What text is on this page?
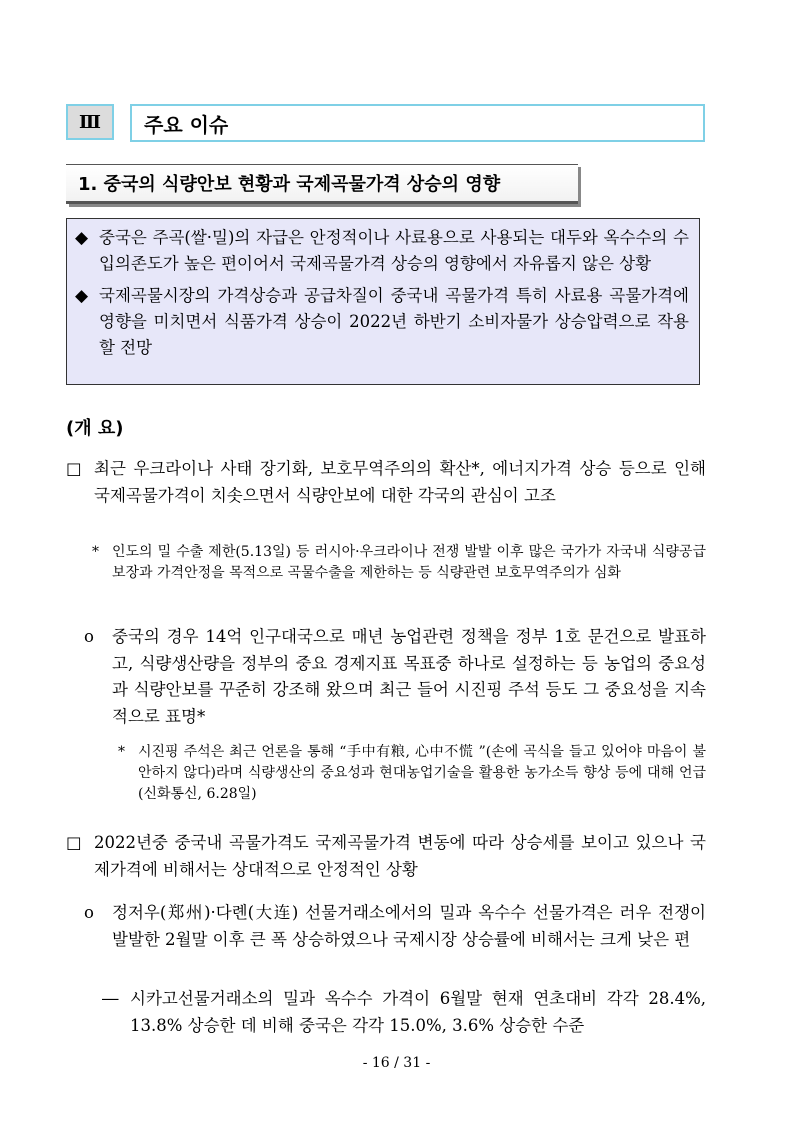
Ⅲ 주요 이슈
1. 중국의 식량안보 현황과 국제곡물가격 상승의 영향
◆ 중국은 주곡(쌀·밀)의 자급은 안정적이나 사료용으로 사용되는 대두와 옥수수의 수입의존도가 높은 편이어서 국제곡물가격 상승의 영향에서 자유롭지 않은 상황
◆ 국제곡물시장의 가격상승과 공급차질이 중국내 곡물가격 특히 사료용 곡물가격에 영향을 미치면서 식품가격 상승이 2022년 하반기 소비자물가 상승압력으로 작용할 전망
(개 요)
□ 최근 우크라이나 사태 장기화, 보호무역주의의 확산*, 에너지가격 상승 등으로 인해 국제곡물가격이 치솟으면서 식량안보에 대한 각국의 관심이 고조
* 인도의 밀 수출 제한(5.13일) 등 러시아·우크라이나 전쟁 발발 이후 많은 국가가 자국내 식량공급 보장과 가격안정을 목적으로 곡물수출을 제한하는 등 식량관련 보호무역주의가 심화
ο	중국의 경우 14억 인구대국으로 매년 농업관련 정책을 정부 1호 문건으로 발표하고, 식량생산량을 정부의 중요 경제지표 목표중 하나로 설정하는 등 농업의 중요성과 식량안보를 꾸준히 강조해 왔으며 최근 들어 시진핑 주석 등도 그 중요성을 지속적으로 표명*
* 시진핑 주석은 최근 언론을 통해 “手中有粮, 心中不慌 ”(손에 곡식을 들고 있어야 마음이 불안하지 않다)라며 식량생산의 중요성과 현대농업기술을 활용한 농가소득 향상 등에 대해 언급(신화통신, 6.28일)
□ 2022년중 중국내 곡물가격도 국제곡물가격 변동에 따라 상승세를 보이고 있으나 국제가격에 비해서는 상대적으로 안정적인 상황
ο	정저우(郑州)·다롄(大连) 선물거래소에서의 밀과 옥수수 선물가격은 러우 전쟁이 발발한 2월말 이후 큰 폭 상승하였으나 국제시장 상승률에 비해서는 크게 낮은 편
― 시카고선물거래소의 밀과 옥수수 가격이 6월말 현재 연초대비 각각 28.4%, 13.8% 상승한 데 비해 중국은 각각 15.0%, 3.6% 상승한 수준
- 16 / 31 -
